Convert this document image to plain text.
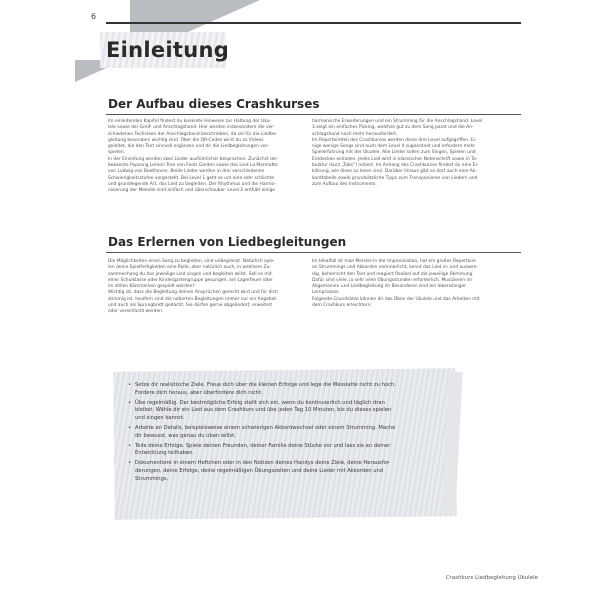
6
Einleitung
Der Aufbau dieses Crashkurses

Im einleitenden Kapitel findest du konkrete Hinweise zur Haltung der Uku-
lele sowie der Greif- und Anschlagshand. Hier werden insbesondere die ver-
schiedenen Techniken der Anschlagshand beschrieben, da sie für die Liedbe-
gleitung besonders wichtig sind. Über die QR-Codes wirst du zu Videos
geleitet, die den Text sinnvoll ergänzen und dir die Liedbegleitungen vor-
spielen.

In der Einleitung werden zwei Lieder ausführlicher besprochen. Zunächst der
bekannte Popsong Lemon Tree von Fools Garden sowie das Lied La Marmotte
von Ludwig van Beethoven. Beide Lieder werden in drei verschiedenen
Schwierigkeitsstufen vorgestellt. Bei Level 1 geht es um eine sehr schlichte
und grundlegende Art, das Lied zu begleiten. Der Rhythmus und die Harmo-
nisierung der Melodie sind einfach und überschaubar. Level 2 enthält einige

harmonische Erweiterungen und ein Strumming für die Anschlagshand. Level
3 zeigt ein einfaches Picking, welches gut zu dem Song passt und die An-
schlagshand noch mehr herausfordert.

Im Repertoireteil des Crashkurses werden diese drei Level aufgegriffen. Ei-
nige wenige Songs sind auch dem Level 4 zugeordnet und erfordern mehr
Spielerfahrung mit der Ukulele. Alle Lieder sollen zum Singen, Spielen und
Entdecken einladen. Jedes Lied wird in klassischer Notenschrift sowie in Ta-
bulatur (kurz „Tabs“) notiert. Im Anhang des Crashkurses findest du eine Er-
klärung, wie diese zu lesen sind. Darüber hinaus gibt es dort auch eine Ak-
kordtabelle sowie grundsätzliche Tipps zum Transponieren von Liedern und
zum Aufbau des Instruments.

Das Erlernen von Liedbegleitungen

Die Möglichkeiten einen Song zu begleiten, sind unbegrenzt. Natürlich spie-
len deine Spielfertigkeiten eine Rolle, aber natürlich auch, in welchem Zu-
sammenhang du das jeweilige Lied singen und begleiten willst. Soll es mit
einer Schulklasse oder Kindergartengruppe gesungen, am Lagerfeuer oder
im stillen Kämmerlein gespielt werden?

Wichtig ist, dass die Begleitung deinen Ansprüchen gerecht wird und für dich
stimmig ist. Insofern sind die notierten Begleitungen immer nur ein Angebot
und auch als Sprungbrett gedacht. Sie dürfen gerne abgeändert, erweitert
oder vereinfacht werden.

Im Idealfall ist man Meister:in der Improvisation, hat ein großes Repertoire
an Strummings und Akkorden verinnerlicht, kennt das Lied in- und auswen-
dig, beherrscht den Text und reagiert flexibel auf die jeweilige Stimmung.
Dafür sind viele, ja sehr viele Übungsstunden erforderlich. Musizieren im
Allgemeinen und Liedbegleitung im Besonderen sind ein lebenslanger
Lernprozess.

Folgende Grundsätze können dir das Üben der Ukulele und das Arbeiten mit
dem Crashkurs erleichtern:

• Setze dir realistische Ziele. Freue dich über die kleinen Erfolge und lege die Messlatte nicht zu hoch.
Fordere dich heraus, aber überfordere dich nicht.
• Übe regelmäßig. Der bestmögliche Erfolg stellt sich ein, wenn du kontinuierlich und täglich dran
bleibst. Wähle dir ein Lied aus dem Crashkurs und übe jeden Tag 10 Minuten, bis du dieses spielen
und singen kannst.
• Arbeite an Details, beispielsweise einem schwierigen Akkordwechsel oder einem Strumming. Mache
dir bewusst, was genau du üben willst.
• Teile deine Erfolge. Spiele deinen Freunden, deiner Familie deine Stücke vor und lass sie an deiner
Entwicklung teilhaben.
• Dokumentiere in einem Heftchen oder in den Notizen deines Handys deine Ziele, deine Herausfor-
derungen, deine Erfolge, deine regelmäßigen Übungszeiten und deine Lieder mit Akkorden und
Strummings.
Crashkurs Liedbegleitung Ukulele
